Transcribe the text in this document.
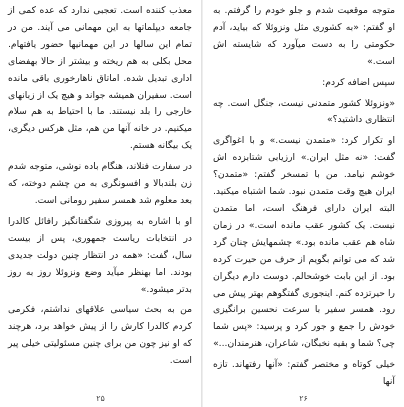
معذب کننده است. تعجبی ندارد که عده کمی از جامعه دیپلماتها به این مهمانی می آیند. من در تمام این سالها در این مهمانیها حضور یافتهام. محل بکلی به هم ریخته و بیشتر از حالا بهفضای اداری تبدیل شده. اماتاق ناهارخوری باقی مانده است. سفیران همیشه جواند و هیچ یک از زبانهای خارجی را بلد نیستند. ما با احتیاط به هم سلام میکنیم. در خانه آنها من هم، مثل هرکس دیگری، یک بیگانه هستم.

در سفارت فنلاند، هنگام باده نوشی، متوجه شدم زن بلندبالا و افسونگری به من چشم دوخته، که بعد معلوم شد همسر سفیر رومانی است.

او با اشاره به پیروزی شگفتانگیز رافائل کالدرا در انتخابات ریاست جمهوری، پس از بیست سال، گفت: «همه در انتظار چنین دولت جدیدی بودند. اما بهنظر میآید وضع ونزوئلا روز به روز بدتر میشود.»

من به بحث سیاسی علاقهای نداشتم، فکرمی کردم کالدرا کارش را از پیش خواهد برد، هرچند که او نیز چون من برای چنین مسئولیتی خیلی پیر است.

۲۵

متوجه موقعیت شدم و جلو خودم را گرفتم. به او گفتم: «به کشوری مثل ونزوئلا که بیاید، آدم حکومتی را به دست میآورد که شایسته اش است.»

سپس اضافه کردم:

«ونزوئلا کشور متمدنی نیست، جنگل است. چه انتظاری داشتید؟»

او تکرار کرد: «متمدن نیست.» و با اغواگری گفت: «نه مثل ایران.» ارزیابی شتابزده اش خوشم نیامد. من با تمسخر گفتم: «متمدن؟ ایران هیچ وقت متمدن نبود. شما اشتباه میکنید. البته ایران دارای فرهنگ است، اما متمدن نیست. یک کشور عقب مانده است.» در زمان شاه هم عقب مانده بود.» چشمهایش چنان گرد شد که می توانم بگویم از حرف من حیرت کرده بود. از این بابت خوشحالم. دوست دارم دیگران را حیرتزده کنم. اینجوری گفتگوهم بهتر پیش می رود. همسر سفیر با سرعت نحسین برانگیزی خودش را جمع و جور کرد و پرسید: «پس شما چی؟ شما و بقیه نخبگان، شاعران، هنرمندان...»

خیلی کوتاه و مختصر گفتم: «آنها رفتهاند. تازه آنها

۲۶
